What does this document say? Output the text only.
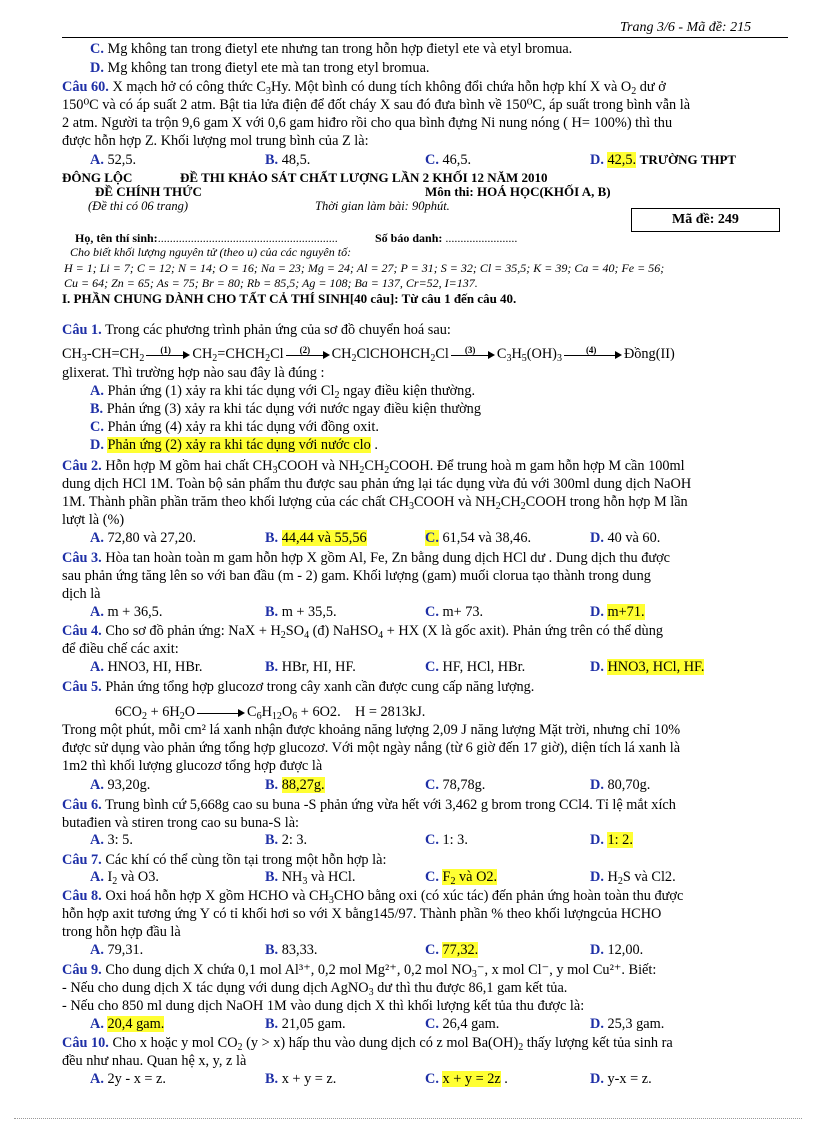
Trang 3/6 - Mã đề: 215
C. Mg không tan trong đietyl ete nhưng tan trong hỗn hợp đietyl ete và etyl bromua.
D. Mg không tan trong đietyl ete mà tan trong etyl bromua.
Câu 60. X mạch hở có công thức $C_3Hy$. Một bình có dung tích không đổi chứa hỗn hợp khí X và $O_2$ dư ở
150⁰C và có áp suất 2 atm. Bật tia lửa điện để đốt cháy X sau đó đưa bình về 150⁰C, áp suất trong bình vẫn là
2 atm. Người ta trộn 9,6 gam X với 0,6 gam hiđro rồi cho qua bình đựng Ni nung nóng ( H= 100%) thì thu
được hỗn hợp Z. Khối lượng mol trung bình của Z là:
A. 52,5.	B. 48,5.	C. 46,5.	D. 42,5. TRƯỜNG THPT
ĐÔNG LỘC	ĐỀ THI KHẢO SÁT CHẤT LƯỢNG LẦN 2 KHỐI 12 NĂM 2010
ĐỀ CHÍNH THỨC	Môn thi: HOÁ HỌC(KHỐI A, B)
(Đề thi có 06 trang)	Thời gian làm bài: 90phút.
Mã đề: 249
Họ, tên thí sinh:............................................................	Số báo danh: ........................
Cho biết khối lượng nguyên tử (theo u) của các nguyên tố:
H = 1; Li = 7; C = 12; N = 14; O = 16; Na = 23; Mg = 24; Al = 27; P = 31; S = 32; Cl = 35,5; K = 39; Ca = 40; Fe = 56;
Cu = 64; Zn = 65; As = 75; Br = 80; Rb = 85,5; Ag = 108; Ba = 137, Cr=52, I=137.
I. PHẦN CHUNG DÀNH CHO TẤT CẢ THÍ SINH[40 câu]: Từ câu 1 đến câu 40.
Câu 1. Trong các phương trình phản ứng của sơ đồ chuyển hoá sau:
$CH_3-CH=CH_2$
(1) $CH_2=CHCH_2Cl$ (2) $CH_2ClCHOHCH_2Cl$ (3) $C_3H_5(OH)_3$
(4) Đồng(II)
glixerat. Thì trường hợp nào sau đây là đúng :
A. Phản ứng (1) xảy ra khi tác dụng với $Cl_2$ ngay điều kiện thường.
B. Phản ứng (3) xảy ra khi tác dụng với nước ngay điều kiện thường
C. Phản ứng (4) xảy ra khi tác dụng với đồng oxit.
D. Phản ứng (2) xảy ra khi tác dụng với nước clo .
Câu 2. Hỗn hợp M gồm hai chất $CH_3COOH$ và $NH_2CH_2COOH$. Để trung hoà m gam hỗn hợp M cần 100ml
dung dịch HCl 1M. Toàn bộ sản phẩm thu được sau phản ứng lại tác dụng vừa đủ với 300ml dung dịch NaOH
1M. Thành phần phần trăm theo khối lượng của các chất $CH_3COOH$ và $NH_2CH_2COOH$ trong hỗn hợp M lần
lượt là (%)
A. 72,80 và 27,20.	B. 44,44 và 55,56	C. 61,54 và 38,46.	D. 40 và 60.
Câu 3. Hòa tan hoàn toàn m gam hỗn hợp X gồm Al, Fe, Zn bằng dung dịch HCl dư . Dung dịch thu được
sau phản ứng tăng lên so với ban đầu (m - 2) gam. Khối lượng (gam) muối clorua tạo thành trong dung
dịch là
A. m + 36,5.	B. m + 35,5.	C. m+ 73.	D. m+71.
Câu 4. Cho sơ đồ phản ứng: NaX + $H_2SO_4$ (đ) NaHSO$_4$ + HX (X là gốc axit). Phản ứng trên có thể dùng
để điều chế các axit:
A. HNO3, HI, HBr.	B. HBr, HI, HF.	C. HF, HCl, HBr.	D. HNO3, HCl, HF.
Câu 5. Phản ứng tổng hợp glucozơ trong cây xanh cần được cung cấp năng lượng.
$6CO_2 + 6H_2O$	$C_6H_{12}O_6 + 6O2$. H = 2813kJ.
Trong một phút, mỗi cm² lá xanh nhận được khoảng năng lượng 2,09 J năng lượng Mặt trời, nhưng chỉ 10%
được sử dụng vào phản ứng tổng hợp glucozơ. Với một ngày nắng (từ 6 giờ đến 17 giờ), diện tích lá xanh là
1m2 thì khối lượng glucozơ tổng hợp được là
A. 93,20g.	B. 88,27g.	C. 78,78g.	D. 80,70g.
Câu 6. Trung bình cứ 5,668g cao su buna -S phản ứng vừa hết với 3,462 g brom trong CCl4. Tỉ lệ mắt xích
butađien và stiren trong cao su buna-S là:
A. 3: 5.	B. 2: 3.	C. 1: 3.	D. 1: 2.
Câu 7. Các khí có thể cùng tồn tại trong một hỗn hợp là:
A. $I_2$ và O3.	B. $NH_3$ và HCl.	C. $F_2$ và O2.	D. $H_2S$ và Cl2.
Câu 8. Oxi hoá hỗn hợp X gồm HCHO và $CH_3CHO$ bằng oxi (có xúc tác) đến phản ứng hoàn toàn thu được
hỗn hợp axit tương ứng Y có tỉ khối hơi so với X bằng145/97. Thành phần % theo khối lượngcủa HCHO
trong hỗn hợp đầu là
A. 79,31.	B. 83,33.	C. 77,32.	D. 12,00.
Câu 9. Cho dung dịch X chứa 0,1 mol Al³⁺, 0,2 mol Mg²⁺, 0,2 mol $NO_3^-$, x mol Cl⁻, y mol Cu²⁺. Biết:
- Nếu cho dung dịch X tác dụng với dung dịch AgNO$_3$ dư thì thu được 86,1 gam kết tủa.
- Nếu cho 850 ml dung dịch NaOH 1M vào dung dịch X thì khối lượng kết tủa thu được là:
A. 20,4 gam.	B. 21,05 gam.	C. 26,4 gam.	D. 25,3 gam.
Câu 10. Cho x hoặc y mol $CO_2$ (y > x) hấp thu vào dung dịch có z mol $Ba(OH)_2$ thấy lượng kết tủa sinh ra
đều như nhau. Quan hệ x, y, z là
A. 2y - x = z.	B. x + y = z.	C. x + y = 2z .	D. y-x = z.
